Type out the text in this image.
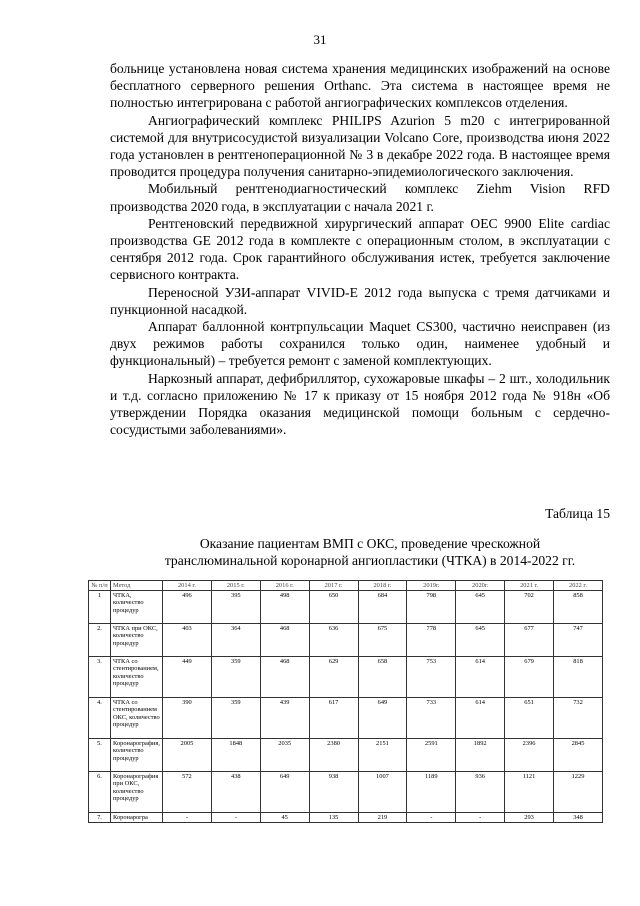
31

больнице установлена новая система хранения медицинских изображений на основе бесплатного серверного решения Orthanc. Эта система в настоящее время не полностью интегрирована с работой ангиографических комплексов отделения.

Ангиографический комплекс PHILIPS Azurion 5 m20 с интегрированной системой для внутрисосудистой визуализации Volcano Core, производства июня 2022 года установлен в рентгеноперационной № 3 в декабре 2022 года. В настоящее время проводится процедура получения санитарно-эпидемиологического заключения.

Мобильный рентгенодиагностический комплекс Ziehm Vision RFD производства 2020 года, в эксплуатации с начала 2021 г.

Рентгеновский передвижной хирургический аппарат OEC 9900 Elite cardiac производства GE 2012 года в комплекте с операционным столом, в эксплуатации с сентября 2012 года. Срок гарантийного обслуживания истек, требуется заключение сервисного контракта.

Переносной УЗИ-аппарат VIVID-E 2012 года выпуска с тремя датчиками и пункционной насадкой.

Аппарат баллонной контрпульсации Maquet CS300, частично неисправен (из двух режимов работы сохранился только один, наименее удобный и функциональный) – требуется ремонт с заменой комплектующих.

Наркозный аппарат, дефибриллятор, сухожаровые шкафы – 2 шт., холодильник и т.д. согласно приложению № 17 к приказу от 15 ноября 2012 года № 918н «Об утверждении Порядка оказания медицинской помощи больным с сердечно-сосудистыми заболеваниями».

Таблица 15
Оказание пациентам ВМП с ОКС, проведение чрескожной транслюминальной коронарной ангиопластики (ЧТКА) в 2014-2022 гг.
№ п/п	Метод	2014 г.	2015 г.	2016 г.	2017 г.	2018 г.	2019г.	2020г.	2021 г.	2022 г.
1	ЧТКА, количество процедур	496	395	498	650	684	798	645	702	858
2.	ЧТКА при ОКС, количество процедур	403	364	468	636	675	778	645	677	747
3.	ЧТКА со стентированием, количество процедур	449	359	468	629	658	753	614	679	818
4.	ЧТКА со стентированием ОКС, количество процедур	390	359	439	617	649	733	614	651	732
5.	Коронарография, количество процедур	2005	1848	2035	2380	2151	2591	1892	2396	2845
6.	Коронарография при ОКС, количество процедур	572	438	649	938	1007	1189	936	1121	1229
7.	Коронарогра	-	-	45	135	219	-	-	293	348
